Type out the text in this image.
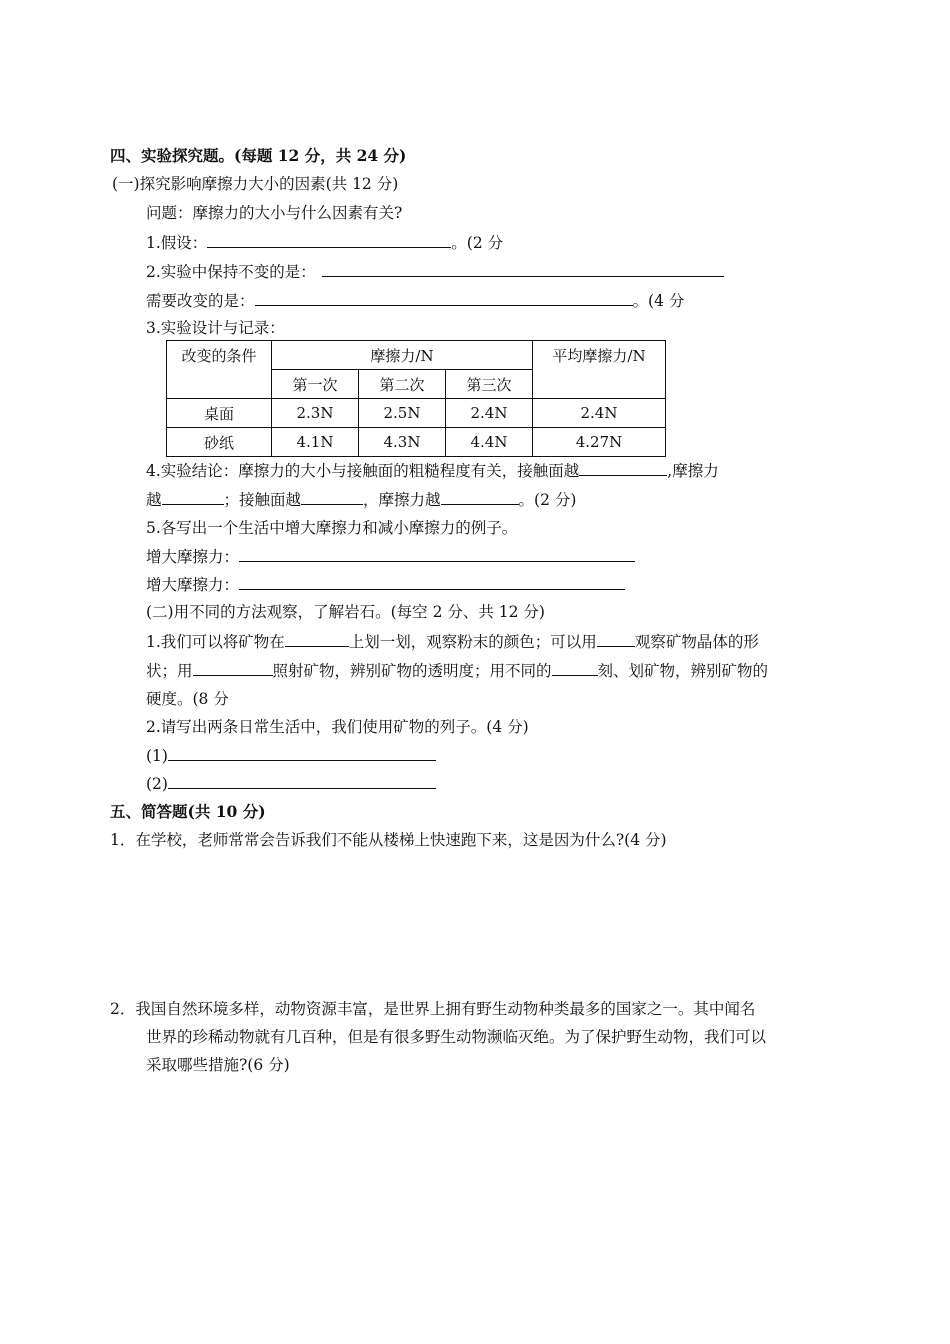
四、实验探究题。(每题 12 分，共 24 分)
(一)探究影响摩擦力大小的因素(共 12 分)
问题：摩擦力的大小与什么因素有关?
1.假设：	。(2 分
2.实验中保持不变的是：
需要改变的是：	。(4 分
3.实验设计与记录：
改变的条件	摩擦力/N			平均摩擦力/N
	第一次	第二次	第三次	
桌面	2.3N	2.5N	2.4N	2.4N
砂纸	4.1N	4.3N	4.4N	4.27N
4.实验结论：摩擦力的大小与接触面的粗糙程度有关，接触面越	,摩擦力
越	；接触面越	，摩擦力越	。(2 分)
5.各写出一个生活中增大摩擦力和减小摩擦力的例子。
增大摩擦力：
增大摩擦力：
(二)用不同的方法观察，了解岩石。(每空 2 分、共 12 分)
1.我们可以将矿物在	上划一划，观察粉末的颜色；可以用 观察矿物晶体的形
状；用	照射矿物，辨别矿物的透明度；用不同的	刻、划矿物，辨别矿物的
硬度。(8 分
2.请写出两条日常生活中，我们使用矿物的列子。(4 分)
(1)
(2)
五、简答题(共 10 分)
1．在学校，老师常常会告诉我们不能从楼梯上快速跑下来，这是因为什么?(4 分)
2．我国自然环境多样，动物资源丰富，是世界上拥有野生动物种类最多的国家之一。其中闻名
世界的珍稀动物就有几百种，但是有很多野生动物濒临灭绝。为了保护野生动物，我们可以
采取哪些措施?(6 分)
